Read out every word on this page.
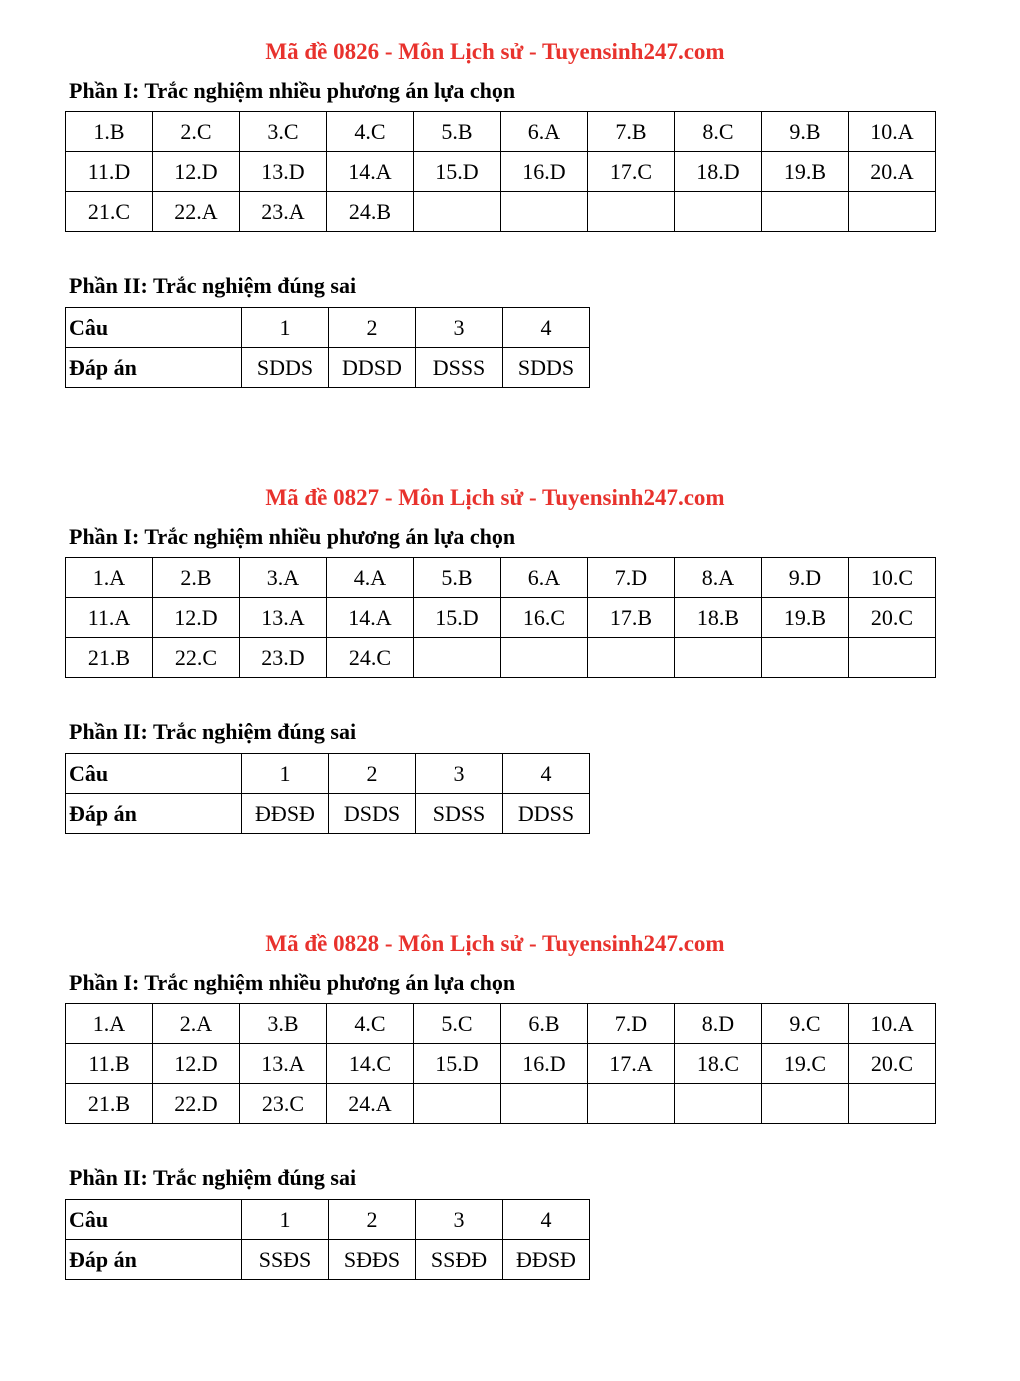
Mã đề 0826 - Môn Lịch sử - Tuyensinh247.com
Phần I: Trắc nghiệm nhiều phương án lựa chọn
1.B	2.C	3.C	4.C	5.B	6.A	7.B	8.C	9.B	10.A
11.D	12.D	13.D	14.A	15.D	16.D	17.C	18.D	19.B	20.A
21.C	22.A	23.A	24.B						
Phần II: Trắc nghiệm đúng sai
Câu	1	2	3	4
Đáp án	SDDS	DDSD	DSSS	SDDS
Mã đề 0827 - Môn Lịch sử - Tuyensinh247.com
Phần I: Trắc nghiệm nhiều phương án lựa chọn
1.A	2.B	3.A	4.A	5.B	6.A	7.D	8.A	9.D	10.C
11.A	12.D	13.A	14.A	15.D	16.C	17.B	18.B	19.B	20.C
21.B	22.C	23.D	24.C						
Phần II: Trắc nghiệm đúng sai
Câu	1	2	3	4
Đáp án	ĐĐSĐ	DSDS	SDSS	DDSS
Mã đề 0828 - Môn Lịch sử - Tuyensinh247.com
Phần I: Trắc nghiệm nhiều phương án lựa chọn
1.A	2.A	3.B	4.C	5.C	6.B	7.D	8.D	9.C	10.A
11.B	12.D	13.A	14.C	15.D	16.D	17.A	18.C	19.C	20.C
21.B	22.D	23.C	24.A						
Phần II: Trắc nghiệm đúng sai
Câu	1	2	3	4
Đáp án	SSĐS	SĐĐS	SSĐĐ	ĐĐSĐ
